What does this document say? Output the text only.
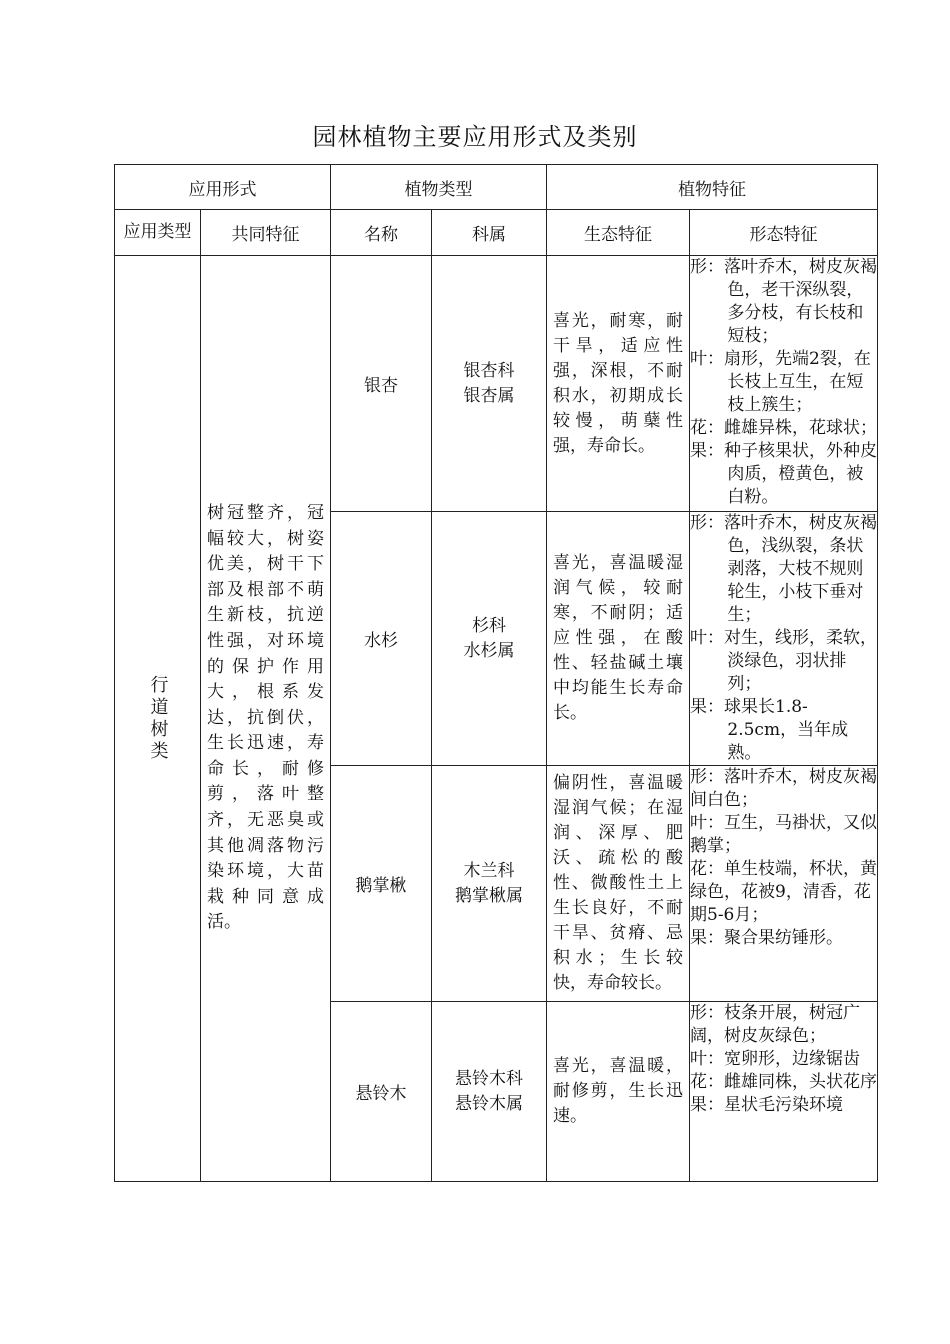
园林植物主要应用形式及类别
应用形式		植物类型		植物特征	

应用类型	共同特征	名称	科属	生态特征	形态特征

行道树类	树冠整齐，冠幅较大，树姿优美，树干下部及根部不萌生新枝，抗逆性强，对环境的保护作用大，根系发达，抗倒伏，生长迅速，寿命长，耐修剪，落叶整齐，无恶臭或其他凋落物污染环境，大苗栽种同意成活。	银杏	银杏科
银杏属	喜光，耐寒，耐干旱，适应性强，深根，不耐积水，初期成长较慢，萌蘖性强，寿命长。	形：落叶乔木，树皮灰褐色，老干深纵裂，多分枝，有长枝和短枝；
叶：扇形，先端2裂，在长枝上互生，在短枝上簇生；
花：雌雄异株，花球状；
果：种子核果状，外种皮肉质，橙黄色，被白粉。

		水杉	杉科
水杉属	喜光，喜温暖湿润气候，较耐寒，不耐阴；适应性强，在酸性、轻盐碱土壤中均能生长寿命长。	形：落叶乔木，树皮灰褐色，浅纵裂，条状剥落，大枝不规则轮生，小枝下垂对生；
叶：对生，线形，柔软，淡绿色，羽状排列；
果：球果长1.8-2.5cm，当年成熟。

		鹅掌楸	木兰科
鹅掌楸属	偏阴性，喜温暖湿润气候；在湿润、深厚、肥沃、疏松的酸性、微酸性土上生长良好，不耐干旱、贫瘠、忌积水；生长较快，寿命较长。	形：落叶乔木，树皮灰褐间白色；
叶：互生，马褂状，又似鹅掌；
花：单生枝端，杯状，黄绿色，花被9，清香，花期5-6月；
果：聚合果纺锤形。

		悬铃木	悬铃木科
悬铃木属	喜光，喜温暖，耐修剪，生长迅速。	形：枝条开展，树冠广阔，树皮灰绿色；
叶：宽卵形，边缘锯齿
花：雌雄同株，头状花序
果：星状毛污染环境
